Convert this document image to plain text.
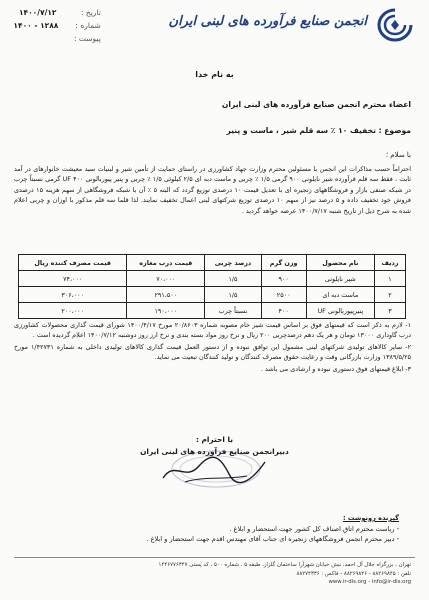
انجمن صنایع فرآورده های لبنی ایران
تاریخ :
۱۴۰۰/۷/۱۲
شماره :
۱۴۰۰ - ۱۲۸۸
پیوست :
به نام خدا
اعضاء محترم انجمن صنایع فرآورده های لبنی ایران
موضوع : تخفیف ۱۰ ٪ سه قلم شیر ، ماست و پنیر
با سلام ؛
احتراماً حسب مذاکرات این انجمن با مسئولین محترم وزارت جهاد کشاورزی در راستای حمایت از تأمین شیر و لبنیات سبد معیشت خانوارهای در آمد ثابت ، فقط سه قلم فرآورده شیر نایلونی ۹۰۰ گرمی ۱/۵ ٪ چربی و ماست دبه ای ۲/۵ کیلوئی ۱/۵ ٪ چربی و پنیر پیوربالونی UF ۴۰۰ گرمی نسبتاً چرب در شبکه صنفی بازار و فروشگاههای زنجیره ای با تعدیل قیمت ۱۰ درصدی توزیع گردد که البته ۵ ٪ آن با شبکه فروشگاهی از سهم هزینه ۱۵ درصدی فروش خود تخفیف داده و ۵ درصد نیز از سهم ۱۰ درصدی توزیع شرکتهای لبنی اعمال تخفیف نمایند. لذا قلما سه قلم مذکور با اوزان و چربی اعلام شده به شرح ذیل از تاریخ شنبه ۱۴۰۰/۷/۱۷ عرضه خواهد گردید .
ردیف	نام محصول	وزن گرم	درصد چربی	قیمت درب مغازه	قیمت مصرف کننده ریال
۱	شیر نایلونی	۹۰۰	۱/۵	۷۰،۰۰۰	۷۴،۰۰۰
۲	ماست دبه ای	۲۵۰۰	۱/۵	۲۹۱،۵۰۰	۳۰۶،۰۰۰
۳	پنیرپیوربالونی UF	۴۰۰	نسبتاً چرب	۱۹۰،۰۰۰	۲۰۰،۰۰۰

۱- لازم به ذکر است که قیمتهای فوق بر اساس قیمت شیر خام مصوبه شماره ۲۰/۸۶۰۳ مورخ ۱۴۰۰/۴/۱۷ شورای قیمت گذاری محصولات کشاورزی درب گاوداری ۱۳۰۰۰ تومان و هر یک دهم درصدچربی ۲۰۰ ریال و نرخ روز مواد بسته بندی و نرخ ارز روز دوشنبه ۱۴۰۰/۷/۱۲ اعلام گردیده است .

۲- سایر کالاهای تولیدی شرکتهای لبنی مشمول این توافق نبوده و از دستور العمل قیمت گذاری کالاهای تولیدی داخلی به شماره ۱/۴۲۷۳۱ مورخ ۱۳۸۹/۵/۲۵ وزارت بازرگانی وقت و رعایت حقوق مصرف کنندگان و تولید کنندگان تبعیت می نماید.

۳- ابلاغ قیمتهای فوق دستوری نبوده و ارشادی می باشد .

با احترام :
دبیرانجمن صنایع فرآورده های لبنی ایران
گیرنده رونوشت :
- ریاست محترم اتاق اصناف کل کشور جهت استحضار و ابلاغ .
- دبیر محترم انجمن فروشگاههای زنجیره ای جناب آقای مهندس اقدم جهت استحضار و ابلاغ .
تهران ، بزرگراه جلال آل احمد، نبش خیابان شهرآرا ساختمان گلزار، طبقه ۵ ، شماره ۵۰۰ ، کد پستی ۱۴۴۶۷۷۶۳۴۷
تلفن : ۸۸۲۶۹۸۴۵ - ۸۸۲۶۹۸۴۶ - فاکس : ۸۸۲۷۴۳۳۶
www.ir-dis.org - info@ir-dis.org
